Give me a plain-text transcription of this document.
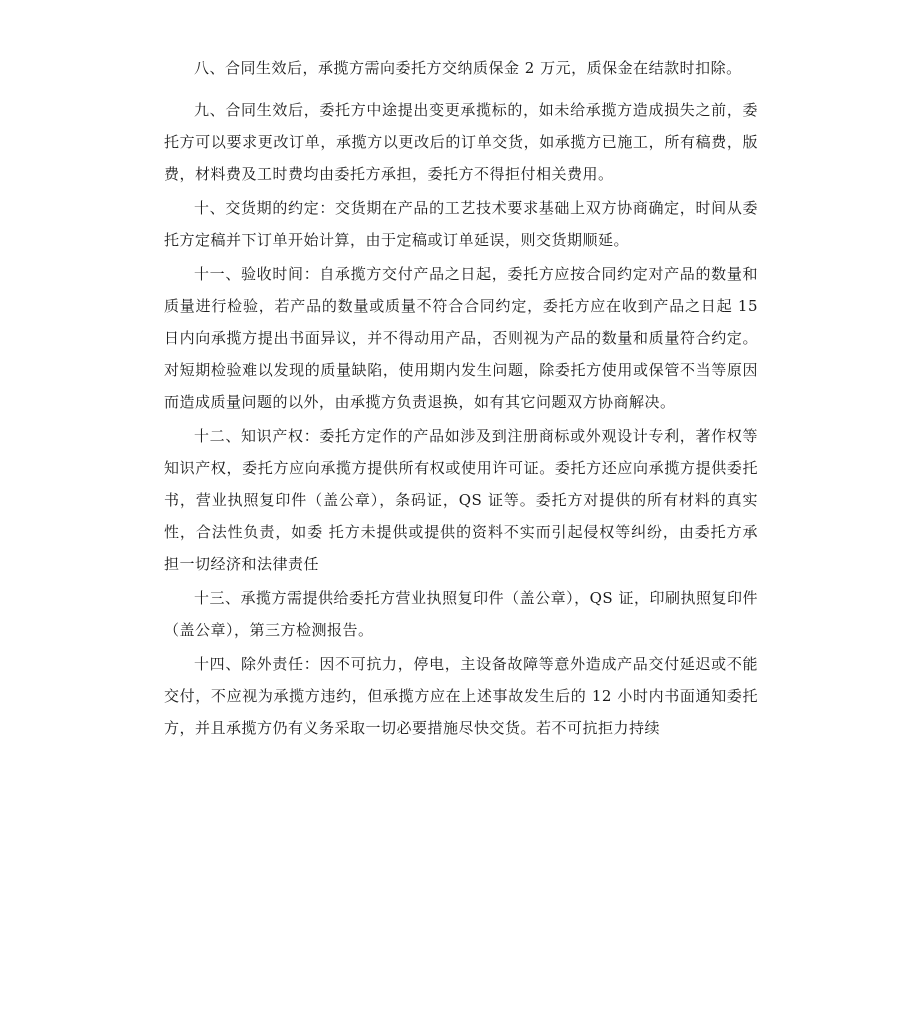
八、合同生效后，承揽方需向委托方交纳质保金 2 万元，质保金在结款时扣除。

九、合同生效后，委托方中途提出变更承揽标的，如未给承揽方造成损失之前，委托方可以要求更改订单，承揽方以更改后的订单交货，如承揽方已施工，所有稿费，版费，材料费及工时费均由委托方承担，委托方不得拒付相关费用。

十、交货期的约定：交货期在产品的工艺技术要求基础上双方协商确定，时间从委托方定稿并下订单开始计算，由于定稿或订单延误，则交货期顺延。

十一、验收时间：自承揽方交付产品之日起，委托方应按合同约定对产品的数量和质量进行检验，若产品的数量或质量不符合合同约定，委托方应在收到产品之日起 15 日内向承揽方提出书面异议，并不得动用产品，否则视为产品的数量和质量符合约定。对短期检验难以发现的质量缺陷，使用期内发生问题，除委托方使用或保管不当等原因而造成质量问题的以外，由承揽方负责退换，如有其它问题双方协商解决。

十二、知识产权：委托方定作的产品如涉及到注册商标或外观设计专利，著作权等知识产权，委托方应向承揽方提供所有权或使用许可证。委托方还应向承揽方提供委托书，营业执照复印件（盖公章），条码证，QS 证等。委托方对提供的所有材料的真实性，合法性负责，如委 托方未提供或提供的资料不实而引起侵权等纠纷，由委托方承担一切经济和法律责任

十三、承揽方需提供给委托方营业执照复印件（盖公章），QS 证，印刷执照复印件（盖公章），第三方检测报告。

十四、除外责任：因不可抗力，停电，主设备故障等意外造成产品交付延迟或不能交付，不应视为承揽方违约，但承揽方应在上述事故发生后的 12 小时内书面通知委托方，并且承揽方仍有义务采取一切必要措施尽快交货。若不可抗拒力持续
